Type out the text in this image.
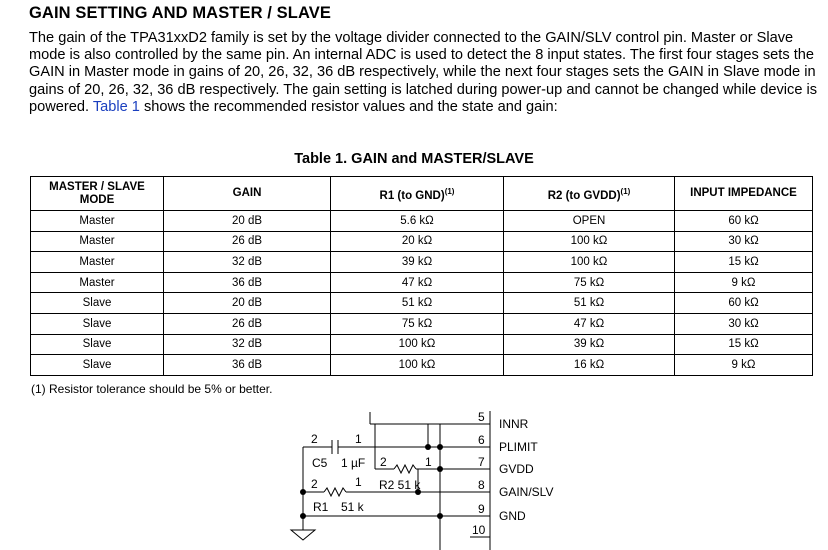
GAIN SETTING AND MASTER / SLAVE
The gain of the TPA31xxD2 family is set by the voltage divider connected to the GAIN/SLV control pin. Master or Slave mode is also controlled by the same pin. An internal ADC is used to detect the 8 input states. The first four stages sets the GAIN in Master mode in gains of 20, 26, 32, 36 dB respectively, while the next four stages sets the GAIN in Slave mode in gains of 20, 26, 32, 36 dB respectively. The gain setting is latched during power-up and cannot be changed while device is powered. Table 1 shows the recommended resistor values and the state and gain:
Table 1. GAIN and MASTER/SLAVE
MASTER / SLAVE MODE	GAIN	R1 (to GND)$^{(1)}$	R2 (to GVDD)$^{(1)}$	INPUT IMPEDANCE
Master	20 dB	5.6 kΩ	OPEN	60 kΩ
Master	26 dB	20 kΩ	100 kΩ	30 kΩ
Master	32 dB	39 kΩ	100 kΩ	15 kΩ
Master	36 dB	47 kΩ	75 kΩ	9 kΩ
Slave	20 dB	51 kΩ	51 kΩ	60 kΩ
Slave	26 dB	75 kΩ	47 kΩ	30 kΩ
Slave	32 dB	100 kΩ	39 kΩ	15 kΩ
Slave	36 dB	100 kΩ	16 kΩ	9 kΩ
(1) Resistor tolerance should be 5% or better.
5
6
7
8
9
10
INNR
PLIMIT
GVDD
GAIN/SLV
GND
2	1
C5 1 µF 2	1
R2 51 k
2	1
R1 51 k
